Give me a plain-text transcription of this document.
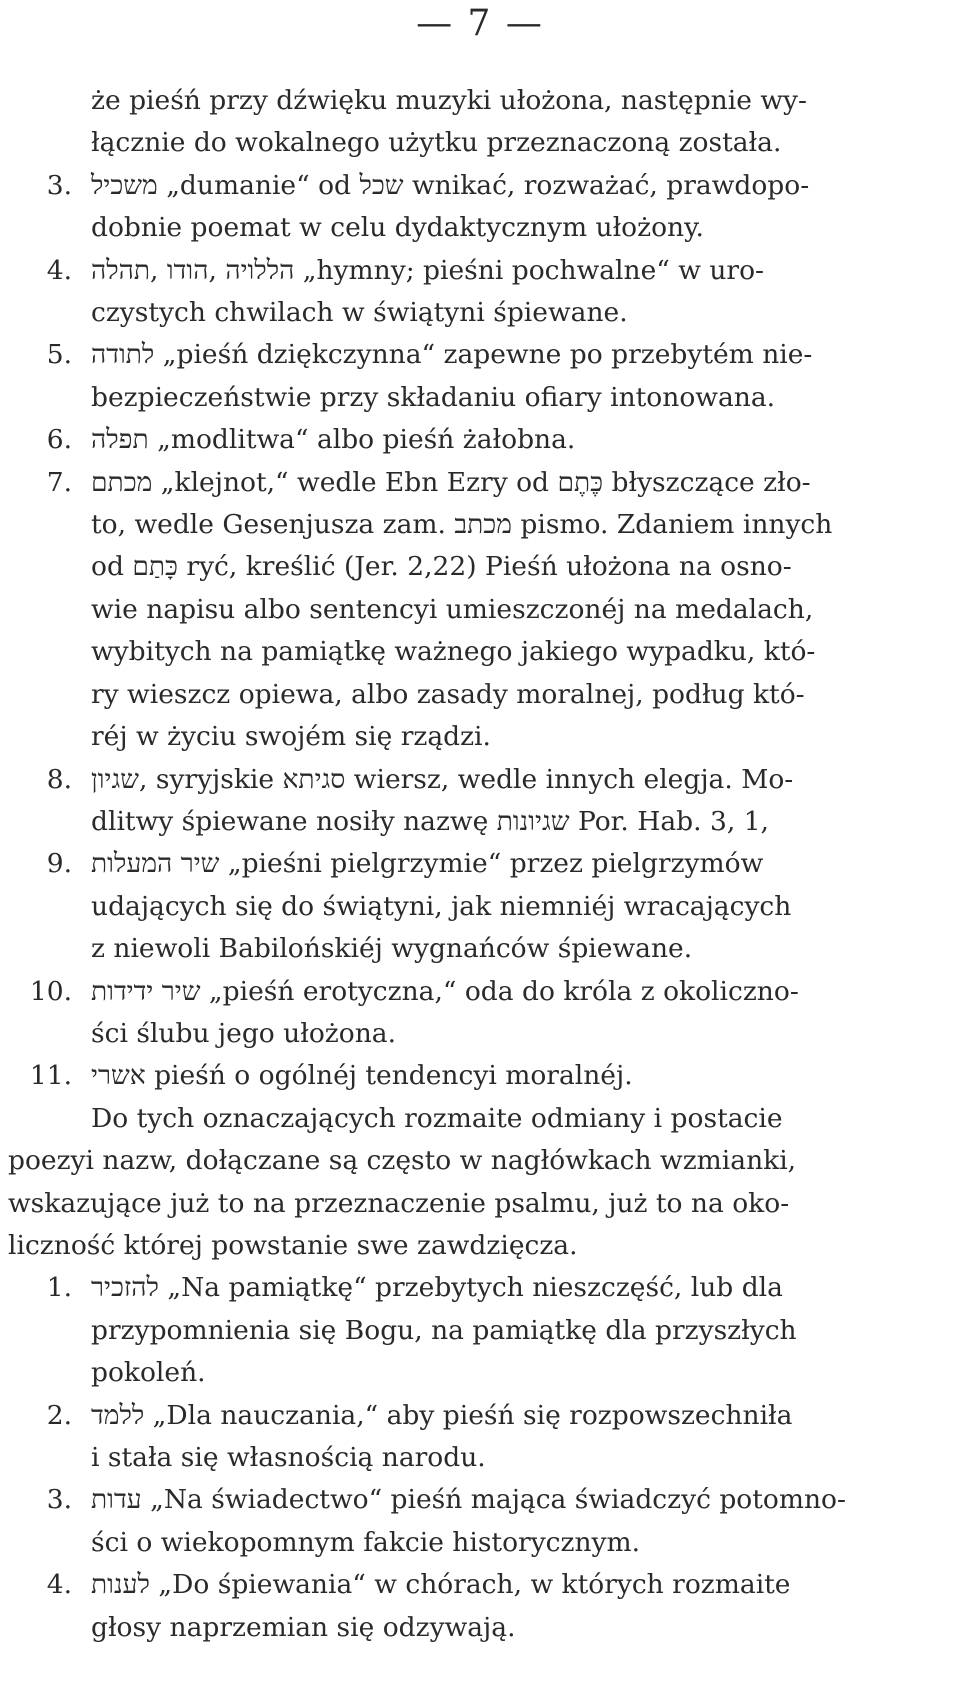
— 7 —
że pieśń przy dźwięku muzyki ułożona, następnie wy-
łącznie do wokalnego użytku przeznaczoną została.
3. משכיל „dumanie“ od שכל wnikać, rozważać, prawdopo-
dobnie poemat w celu dydaktycznym ułożony.
4. תהלה, הודו, הללויה „hymny; pieśni pochwalne“ w uro-
czystych chwilach w świątyni śpiewane.
5. לתודה „pieśń dziękczynna“ zapewne po przebytém nie-
bezpieczeństwie przy składaniu ofiary intonowana.
6. תפלה „modlitwa“ albo pieśń żałobna.
7. מכתם „klejnot,“ wedle Ebn Ezry od כֶּתֶם błyszczące zło-
to, wedle Gesenjusza zam. מכתב pismo. Zdaniem innych
od כָּתַם ryć, kreślić (Jer. 2,22) Pieśń ułożona na osno-
wie napisu albo sentencyi umieszczonéj na medalach,
wybitych na pamiątkę ważnego jakiego wypadku, któ-
ry wieszcz opiewa, albo zasady moralnej, podług któ-
réj w życiu swojém się rządzi.
8. שגיון, syryjskie סגיתא wiersz, wedle innych elegja. Mo-
dlitwy śpiewane nosiły nazwę שגיונות Por. Hab. 3, 1,
9. שיר המעלות „pieśni pielgrzymie“ przez pielgrzymów
udających się do świątyni, jak niemniéj wracających
z niewoli Babilońskiéj wygnańców śpiewane.
10. שיר ידידות „pieśń erotyczna,“ oda do króla z okoliczno-
ści ślubu jego ułożona.
11. אשרי pieśń o ogólnéj tendencyi moralnéj.
Do tych oznaczających rozmaite odmiany i postacie
poezyi nazw, dołączane są często w nagłówkach wzmianki,
wskazujące już to na przeznaczenie psalmu, już to na oko-
liczność której powstanie swe zawdzięcza.
1. להזכיר „Na pamiątkę“ przebytych nieszczęść, lub dla
przypomnienia się Bogu, na pamiątkę dla przyszłych
pokoleń.
2. ללמד „Dla nauczania,“ aby pieśń się rozpowszechniła
i stała się własnością narodu.
3. עדות „Na świadectwo“ pieśń mająca świadczyć potomno-
ści o wiekopomnym fakcie historycznym.
4. לענות „Do śpiewania“ w chórach, w których rozmaite
głosy naprzemian się odzywają.
